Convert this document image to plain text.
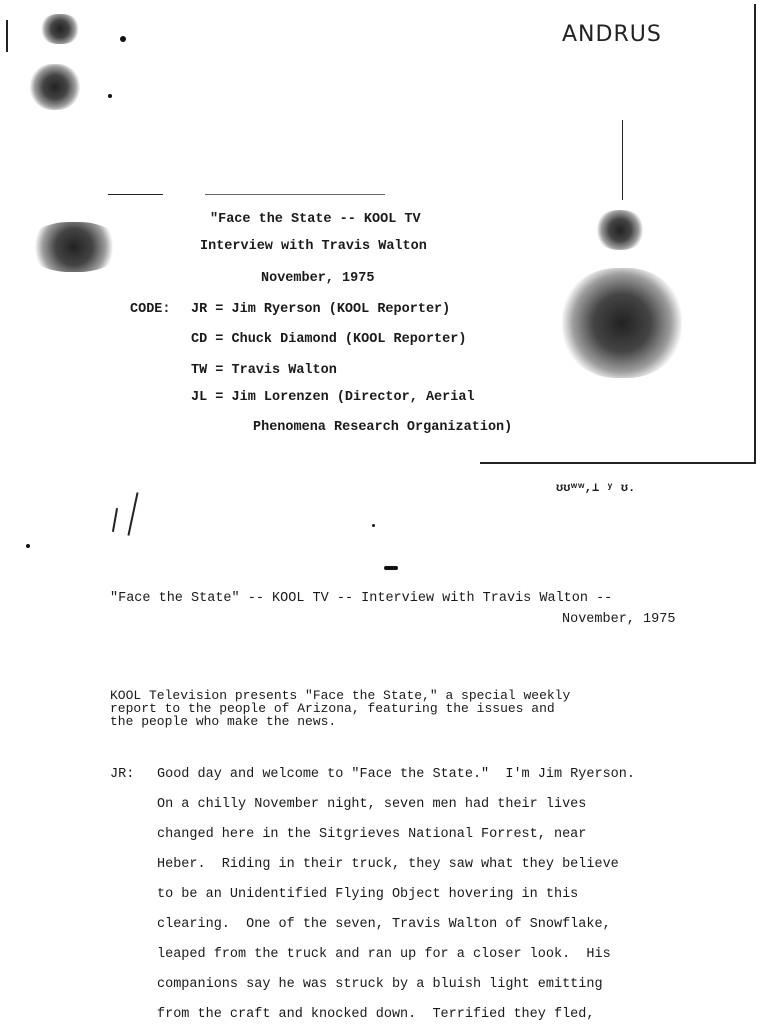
ANDRUS
"Face the State -- KOOL TV
Interview with Travis Walton
November, 1975
CODE: JR = Jim Ryerson (KOOL Reporter)
CD = Chuck Diamond (KOOL Reporter)
TW = Travis Walton
JL = Jim Lorenzen (Director, Aerial
Phenomena Research Organization)
ʊʊʷʷ,⊥ ʸ ʊ.
"Face the State" -- KOOL TV -- Interview with Travis Walton --
November, 1975
KOOL Television presents "Face the State," a special weekly
report to the people of Arizona, featuring the issues and
the people who make the news.
JR: Good day and welcome to "Face the State."  I'm Jim Ryerson.
On a chilly November night, seven men had their lives
changed here in the Sitgrieves National Forrest, near
Heber.  Riding in their truck, they saw what they believe
to be an Unidentified Flying Object hovering in this
clearing.  One of the seven, Travis Walton of Snowflake,
leaped from the truck and ran up for a closer look.  His
companions say he was struck by a bluish light emitting
from the craft and knocked down.  Terrified they fled,
